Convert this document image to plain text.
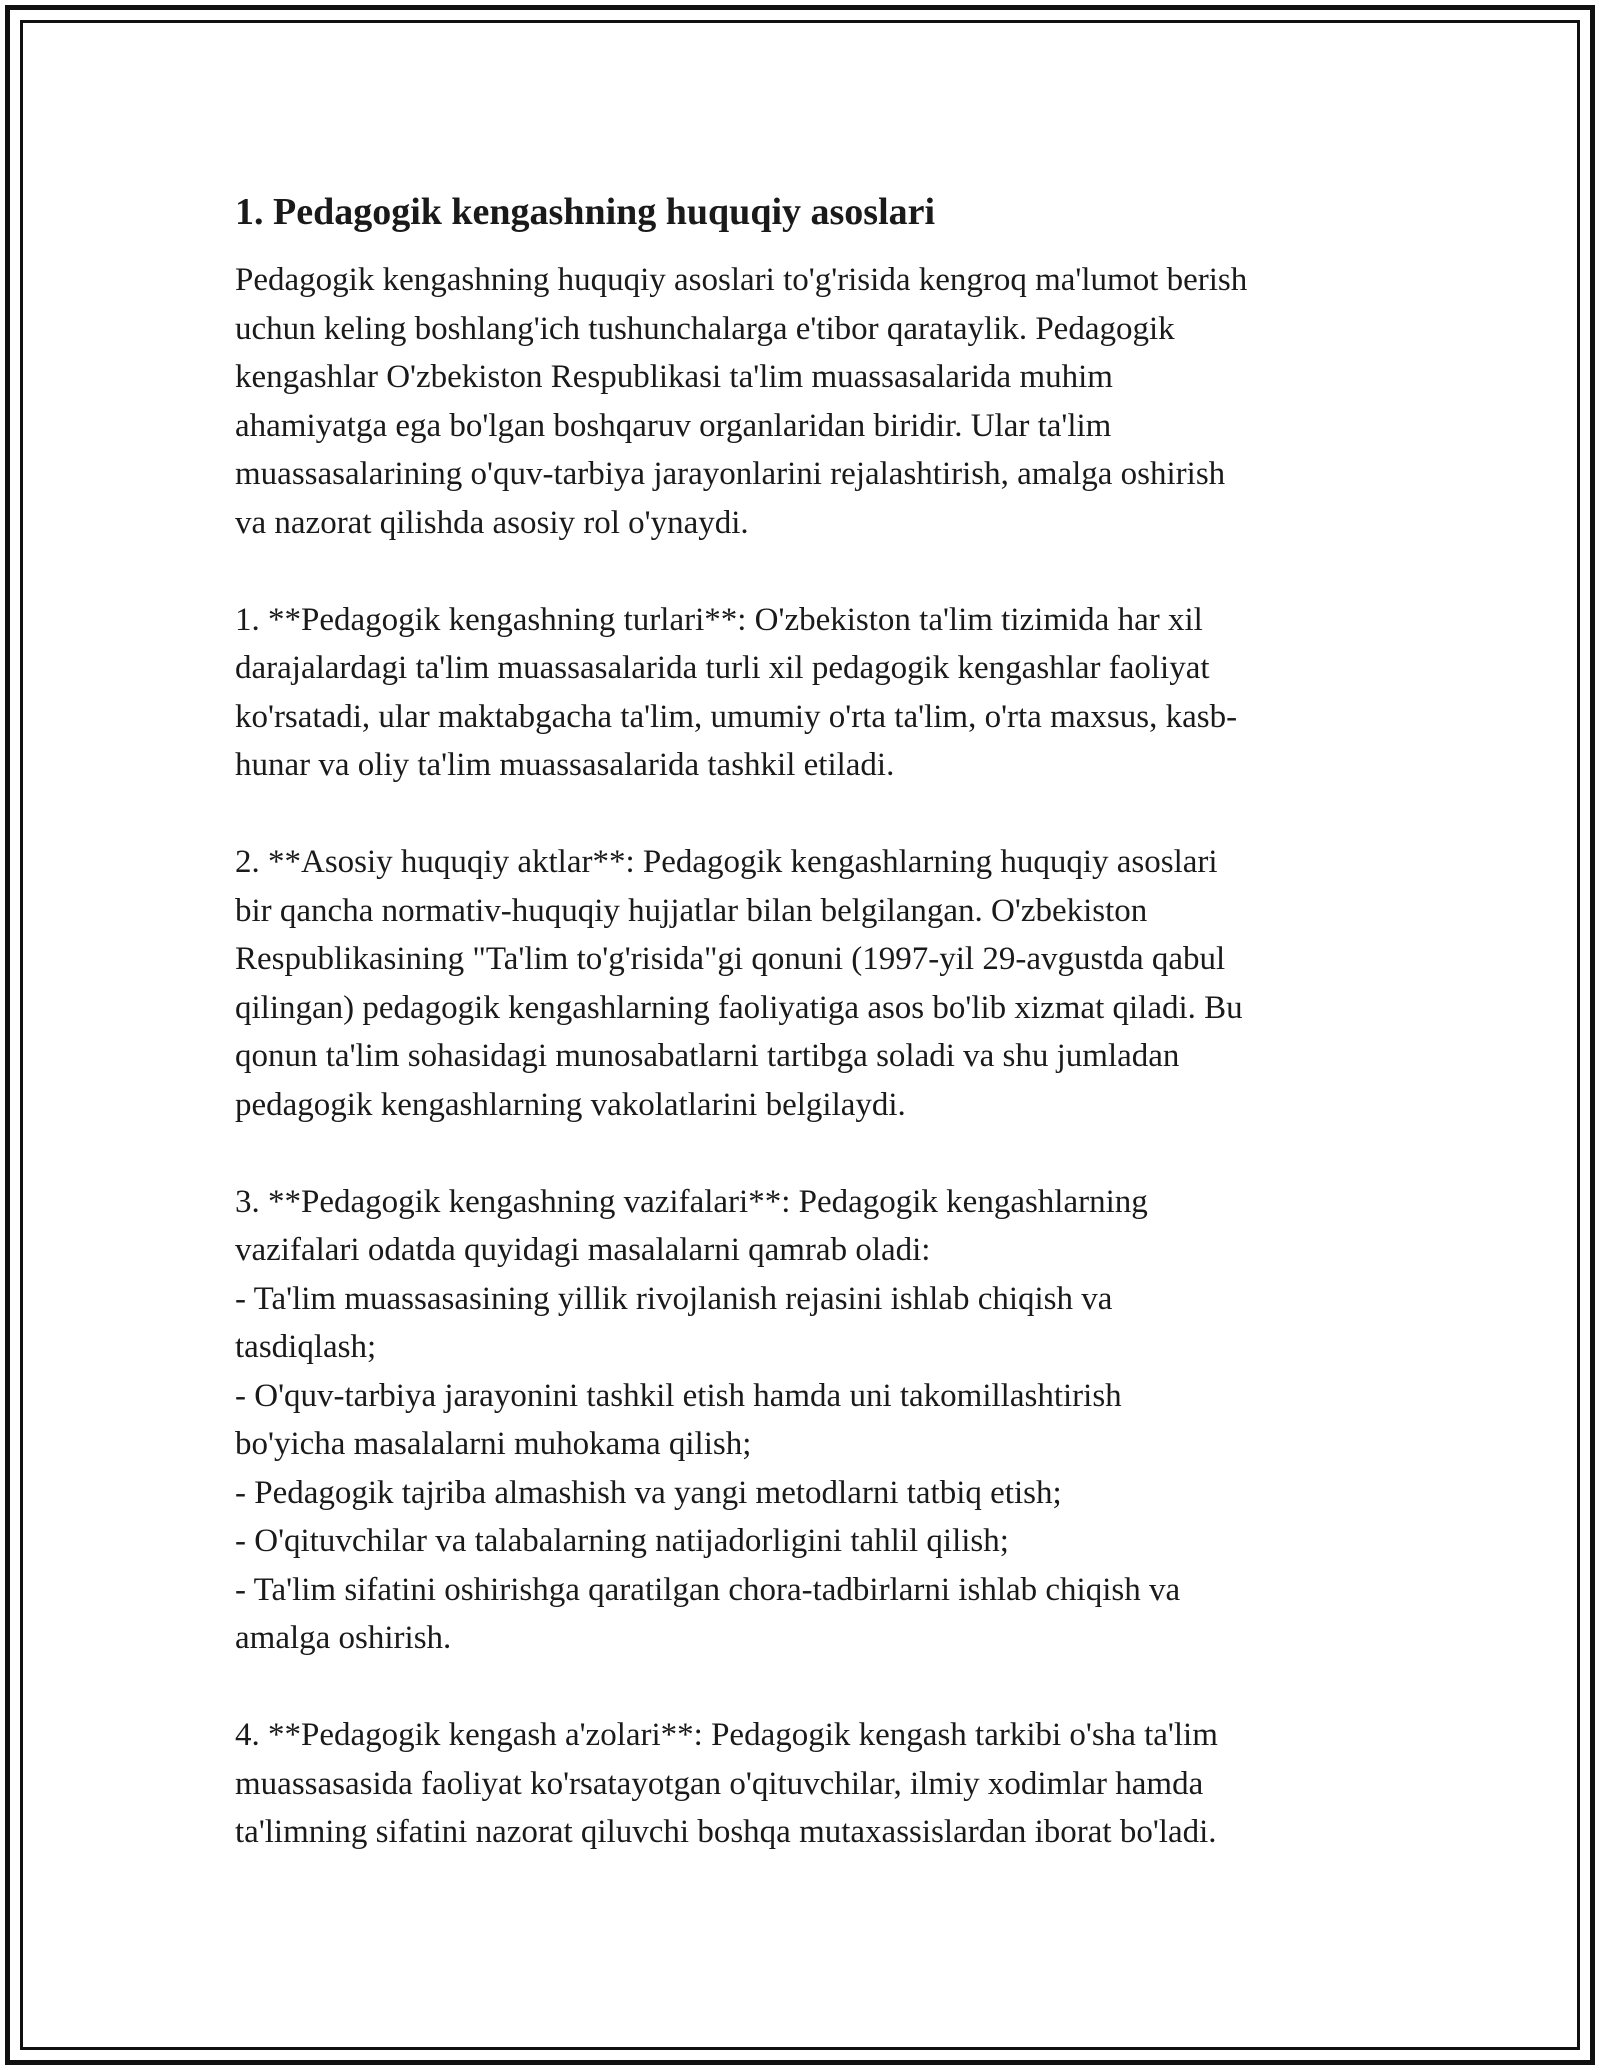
1. Pedagogik kengashning huquqiy asoslari

Pedagogik kengashning huquqiy asoslari to'g'risida kengroq ma'lumot berish
uchun keling boshlang'ich tushunchalarga e'tibor qarataylik. Pedagogik
kengashlar O'zbekiston Respublikasi ta'lim muassasalarida muhim
ahamiyatga ega bo'lgan boshqaruv organlaridan biridir. Ular ta'lim
muassasalarining o'quv-tarbiya jarayonlarini rejalashtirish, amalga oshirish
va nazorat qilishda asosiy rol o'ynaydi.

1. **Pedagogik kengashning turlari**: O'zbekiston ta'lim tizimida har xil
darajalardagi ta'lim muassasalarida turli xil pedagogik kengashlar faoliyat
ko'rsatadi, ular maktabgacha ta'lim, umumiy o'rta ta'lim, o'rta maxsus, kasb-
hunar va oliy ta'lim muassasalarida tashkil etiladi.

2. **Asosiy huquqiy aktlar**: Pedagogik kengashlarning huquqiy asoslari
bir qancha normativ-huquqiy hujjatlar bilan belgilangan. O'zbekiston
Respublikasining "Ta'lim to'g'risida"gi qonuni (1997-yil 29-avgustda qabul
qilingan) pedagogik kengashlarning faoliyatiga asos bo'lib xizmat qiladi. Bu
qonun ta'lim sohasidagi munosabatlarni tartibga soladi va shu jumladan
pedagogik kengashlarning vakolatlarini belgilaydi.

3. **Pedagogik kengashning vazifalari**: Pedagogik kengashlarning
vazifalari odatda quyidagi masalalarni qamrab oladi:

- Ta'lim muassasasining yillik rivojlanish rejasini ishlab chiqish va
tasdiqlash;
- O'quv-tarbiya jarayonini tashkil etish hamda uni takomillashtirish
bo'yicha masalalarni muhokama qilish;
- Pedagogik tajriba almashish va yangi metodlarni tatbiq etish;
- O'qituvchilar va talabalarning natijadorligini tahlil qilish;
- Ta'lim sifatini oshirishga qaratilgan chora-tadbirlarni ishlab chiqish va
amalga oshirish.

4. **Pedagogik kengash a'zolari**: Pedagogik kengash tarkibi o'sha ta'lim
muassasasida faoliyat ko'rsatayotgan o'qituvchilar, ilmiy xodimlar hamda
ta'limning sifatini nazorat qiluvchi boshqa mutaxassislardan iborat bo'ladi.
